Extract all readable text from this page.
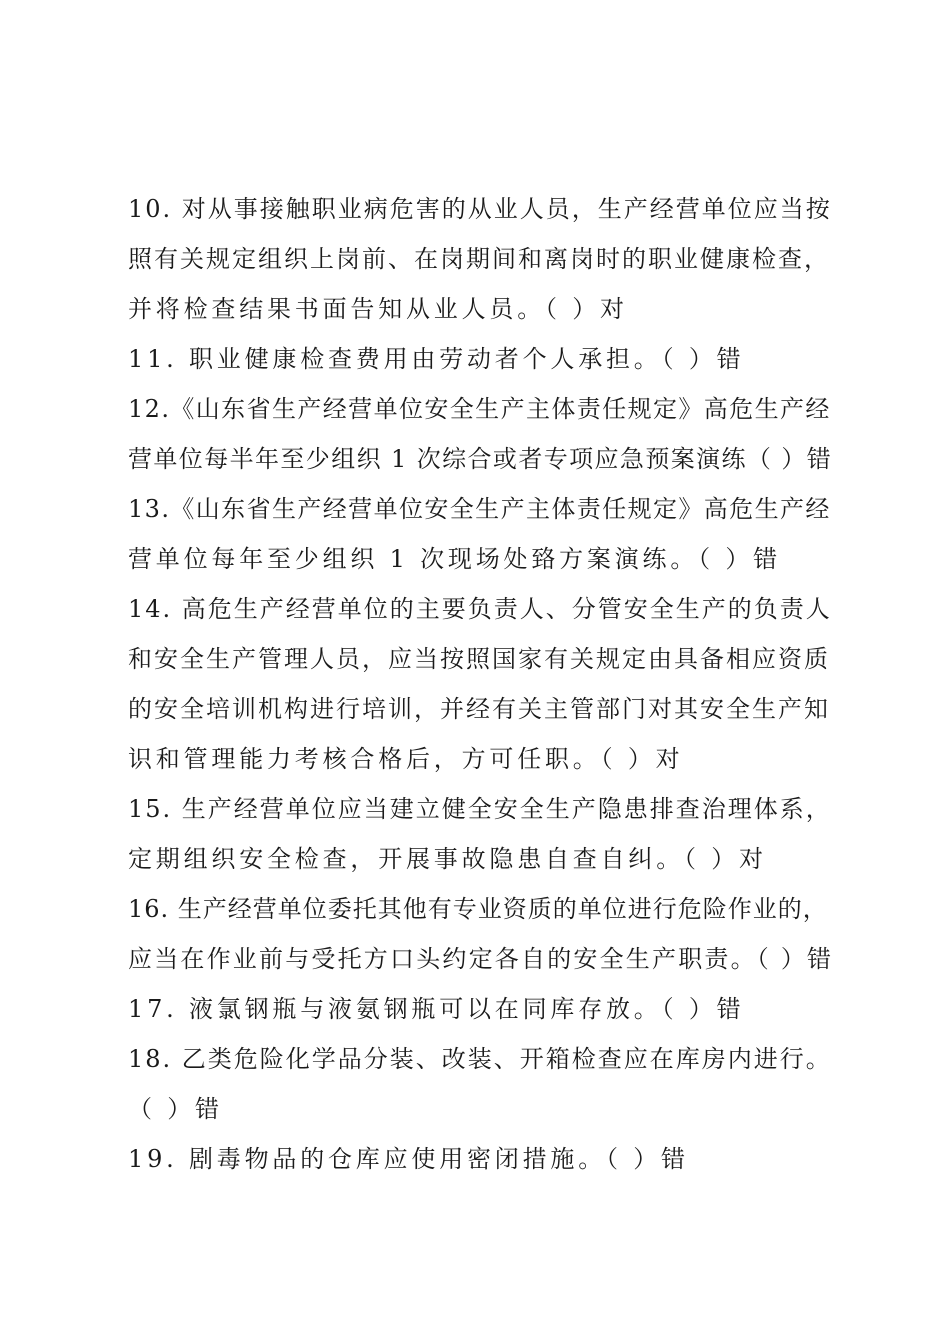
10. 对从事接触职业病危害的从业人员，生产经营单位应当按
照有关规定组织上岗前、在岗期间和离岗时的职业健康检查，
并将检查结果书面告知从业人员。（ ）对
11. 职业健康检查费用由劳动者个人承担。（ ）错
12.《山东省生产经营单位安全生产主体责任规定》高危生产经
营单位每半年至少组织 1 次综合或者专项应急预案演练（ ）错
13.《山东省生产经营单位安全生产主体责任规定》高危生产经
营单位每年至少组织 1 次现场处臵方案演练。（ ）错
14. 高危生产经营单位的主要负责人、分管安全生产的负责人
和安全生产管理人员，应当按照国家有关规定由具备相应资质
的安全培训机构进行培训，并经有关主管部门对其安全生产知
识和管理能力考核合格后，方可任职。（ ）对
15. 生产经营单位应当建立健全安全生产隐患排查治理体系，
定期组织安全检查，开展事故隐患自查自纠。（ ）对
16. 生产经营单位委托其他有专业资质的单位进行危险作业的，
应当在作业前与受托方口头约定各自的安全生产职责。（ ）错
17. 液氯钢瓶与液氨钢瓶可以在同库存放。（ ）错
18. 乙类危险化学品分装、改装、开箱检查应在库房内进行。
（ ）错
19. 剧毒物品的仓库应使用密闭措施。（ ）错
